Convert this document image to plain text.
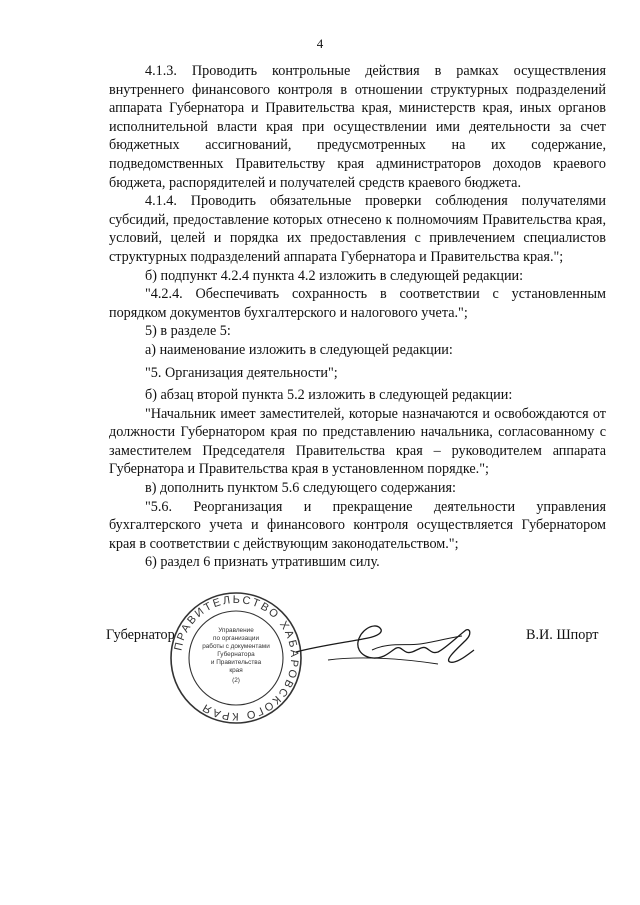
4

4.1.3. Проводить контрольные действия в рамках осуществления внутреннего финансового контроля в отношении структурных подразделений аппарата Губернатора и Правительства края, министерств края, иных органов исполнительной власти края при осуществлении ими деятельности за счет бюджетных ассигнований, предусмотренных на их содержание, подведомственных Правительству края администраторов доходов краевого бюджета, распорядителей и получателей средств краевого бюджета.

4.1.4. Проводить обязательные проверки соблюдения получателями субсидий, предоставление которых отнесено к полномочиям Правительства края, условий, целей и порядка их предоставления с привлечением специалистов структурных подразделений аппарата Губернатора и Правительства края.";

б) подпункт 4.2.4 пункта 4.2 изложить в следующей редакции:

"4.2.4. Обеспечивать сохранность в соответствии с установленным порядком документов бухгалтерского и налогового учета.";

5) в разделе 5:

а) наименование изложить в следующей редакции:

"5. Организация деятельности";

б) абзац второй пункта 5.2 изложить в следующей редакции:

"Начальник имеет заместителей, которые назначаются и освобождаются от должности Губернатором края по представлению начальника, согласованному с заместителем Председателя Правительства края – руководителем аппарата Губернатора и Правительства края в установленном порядке.";

в) дополнить пунктом 5.6 следующего содержания:

"5.6. Реорганизация и прекращение деятельности управления бухгалтерского учета и финансового контроля осуществляется Губернатором края в соответствии с действующим законодательством.";

6) раздел 6 признать утратившим силу.

Губернатор	В.И. Шпорт
ПРАВИТЕЛЬСТВО ХАБАРОВСКОГО КРАЯ
Управление
по организации
работы с документами
Губернатора
и Правительства
края
(2)
